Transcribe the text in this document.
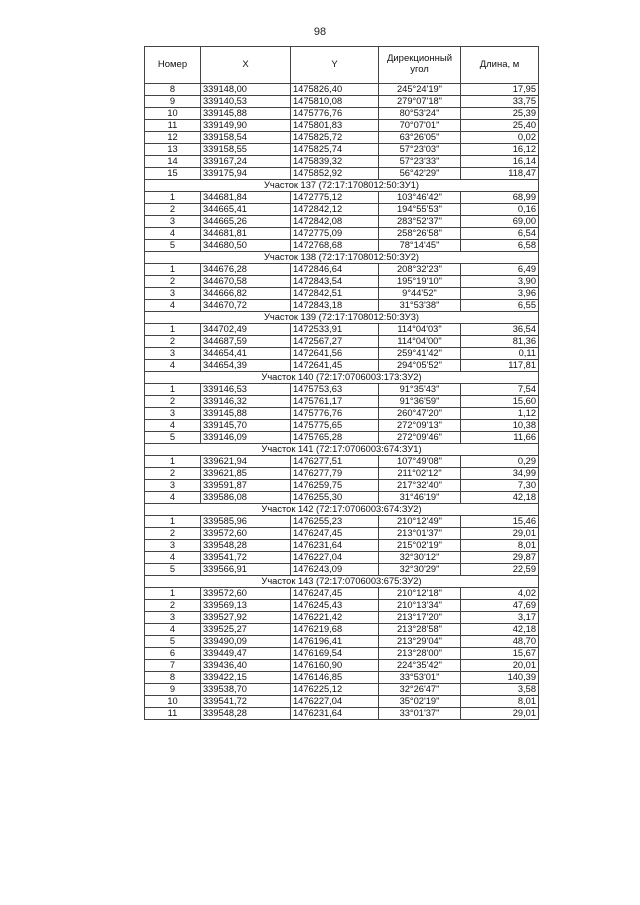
98
Номер	X	Y	Дирекционный угол	Длина, м
8	339148,00	1475826,40	245°24'19"	17,95
9	339140,53	1475810,08	279°07'18"	33,75
10	339145,88	1475776,76	80°53'24"	25,39
11	339149,90	1475801,83	70°07'01"	25,40
12	339158,54	1475825,72	63°26'05"	0,02
13	339158,55	1475825,74	57°23'03"	16,12
14	339167,24	1475839,32	57°23'33"	16,14
15	339175,94	1475852,92	56°42'29"	118,47
Участок 137 (72:17:1708012:50:ЗУ1)				
1	344681,84	1472775,12	103°46'42"	68,99
2	344665,41	1472842,12	194°55'53"	0,16
3	344665,26	1472842,08	283°52'37"	69,00
4	344681,81	1472775,09	258°26'58"	6,54
5	344680,50	1472768,68	78°14'45"	6,58
Участок 138 (72:17:1708012:50:ЗУ2)				
1	344676,28	1472846,64	208°32'23"	6,49
2	344670,58	1472843,54	195°19'10"	3,90
3	344666,82	1472842,51	9°44'52"	3,96
4	344670,72	1472843,18	31°53'38"	6,55
Участок 139 (72:17:1708012:50:ЗУ3)				
1	344702,49	1472533,91	114°04'03"	36,54
2	344687,59	1472567,27	114°04'00"	81,36
3	344654,41	1472641,56	259°41'42"	0,11
4	344654,39	1472641,45	294°05'52"	117,81
Участок 140 (72:17:0706003:173:ЗУ2)				
1	339146,53	1475753,63	91°35'43"	7,54
2	339146,32	1475761,17	91°36'59"	15,60
3	339145,88	1475776,76	260°47'20"	1,12
4	339145,70	1475775,65	272°09'13"	10,38
5	339146,09	1475765,28	272°09'46"	11,66
Участок 141 (72:17:0706003:674:ЗУ1)				
1	339621,94	1476277,51	107°49'08"	0,29
2	339621,85	1476277,79	211°02'12"	34,99
3	339591,87	1476259,75	217°32'40"	7,30
4	339586,08	1476255,30	31°46'19"	42,18
Участок 142 (72:17:0706003:674:ЗУ2)				
1	339585,96	1476255,23	210°12'49"	15,46
2	339572,60	1476247,45	213°01'37"	29,01
3	339548,28	1476231,64	215°02'19"	8,01
4	339541,72	1476227,04	32°30'12"	29,87
5	339566,91	1476243,09	32°30'29"	22,59
Участок 143 (72:17:0706003:675:ЗУ2)				
1	339572,60	1476247,45	210°12'18"	4,02
2	339569,13	1476245,43	210°13'34"	47,69
3	339527,92	1476221,42	213°17'20"	3,17
4	339525,27	1476219,68	213°28'58"	42,18
5	339490,09	1476196,41	213°29'04"	48,70
6	339449,47	1476169,54	213°28'00"	15,67
7	339436,40	1476160,90	224°35'42"	20,01
8	339422,15	1476146,85	33°53'01"	140,39
9	339538,70	1476225,12	32°26'47"	3,58
10	339541,72	1476227,04	35°02'19"	8,01
11	339548,28	1476231,64	33°01'37"	29,01
